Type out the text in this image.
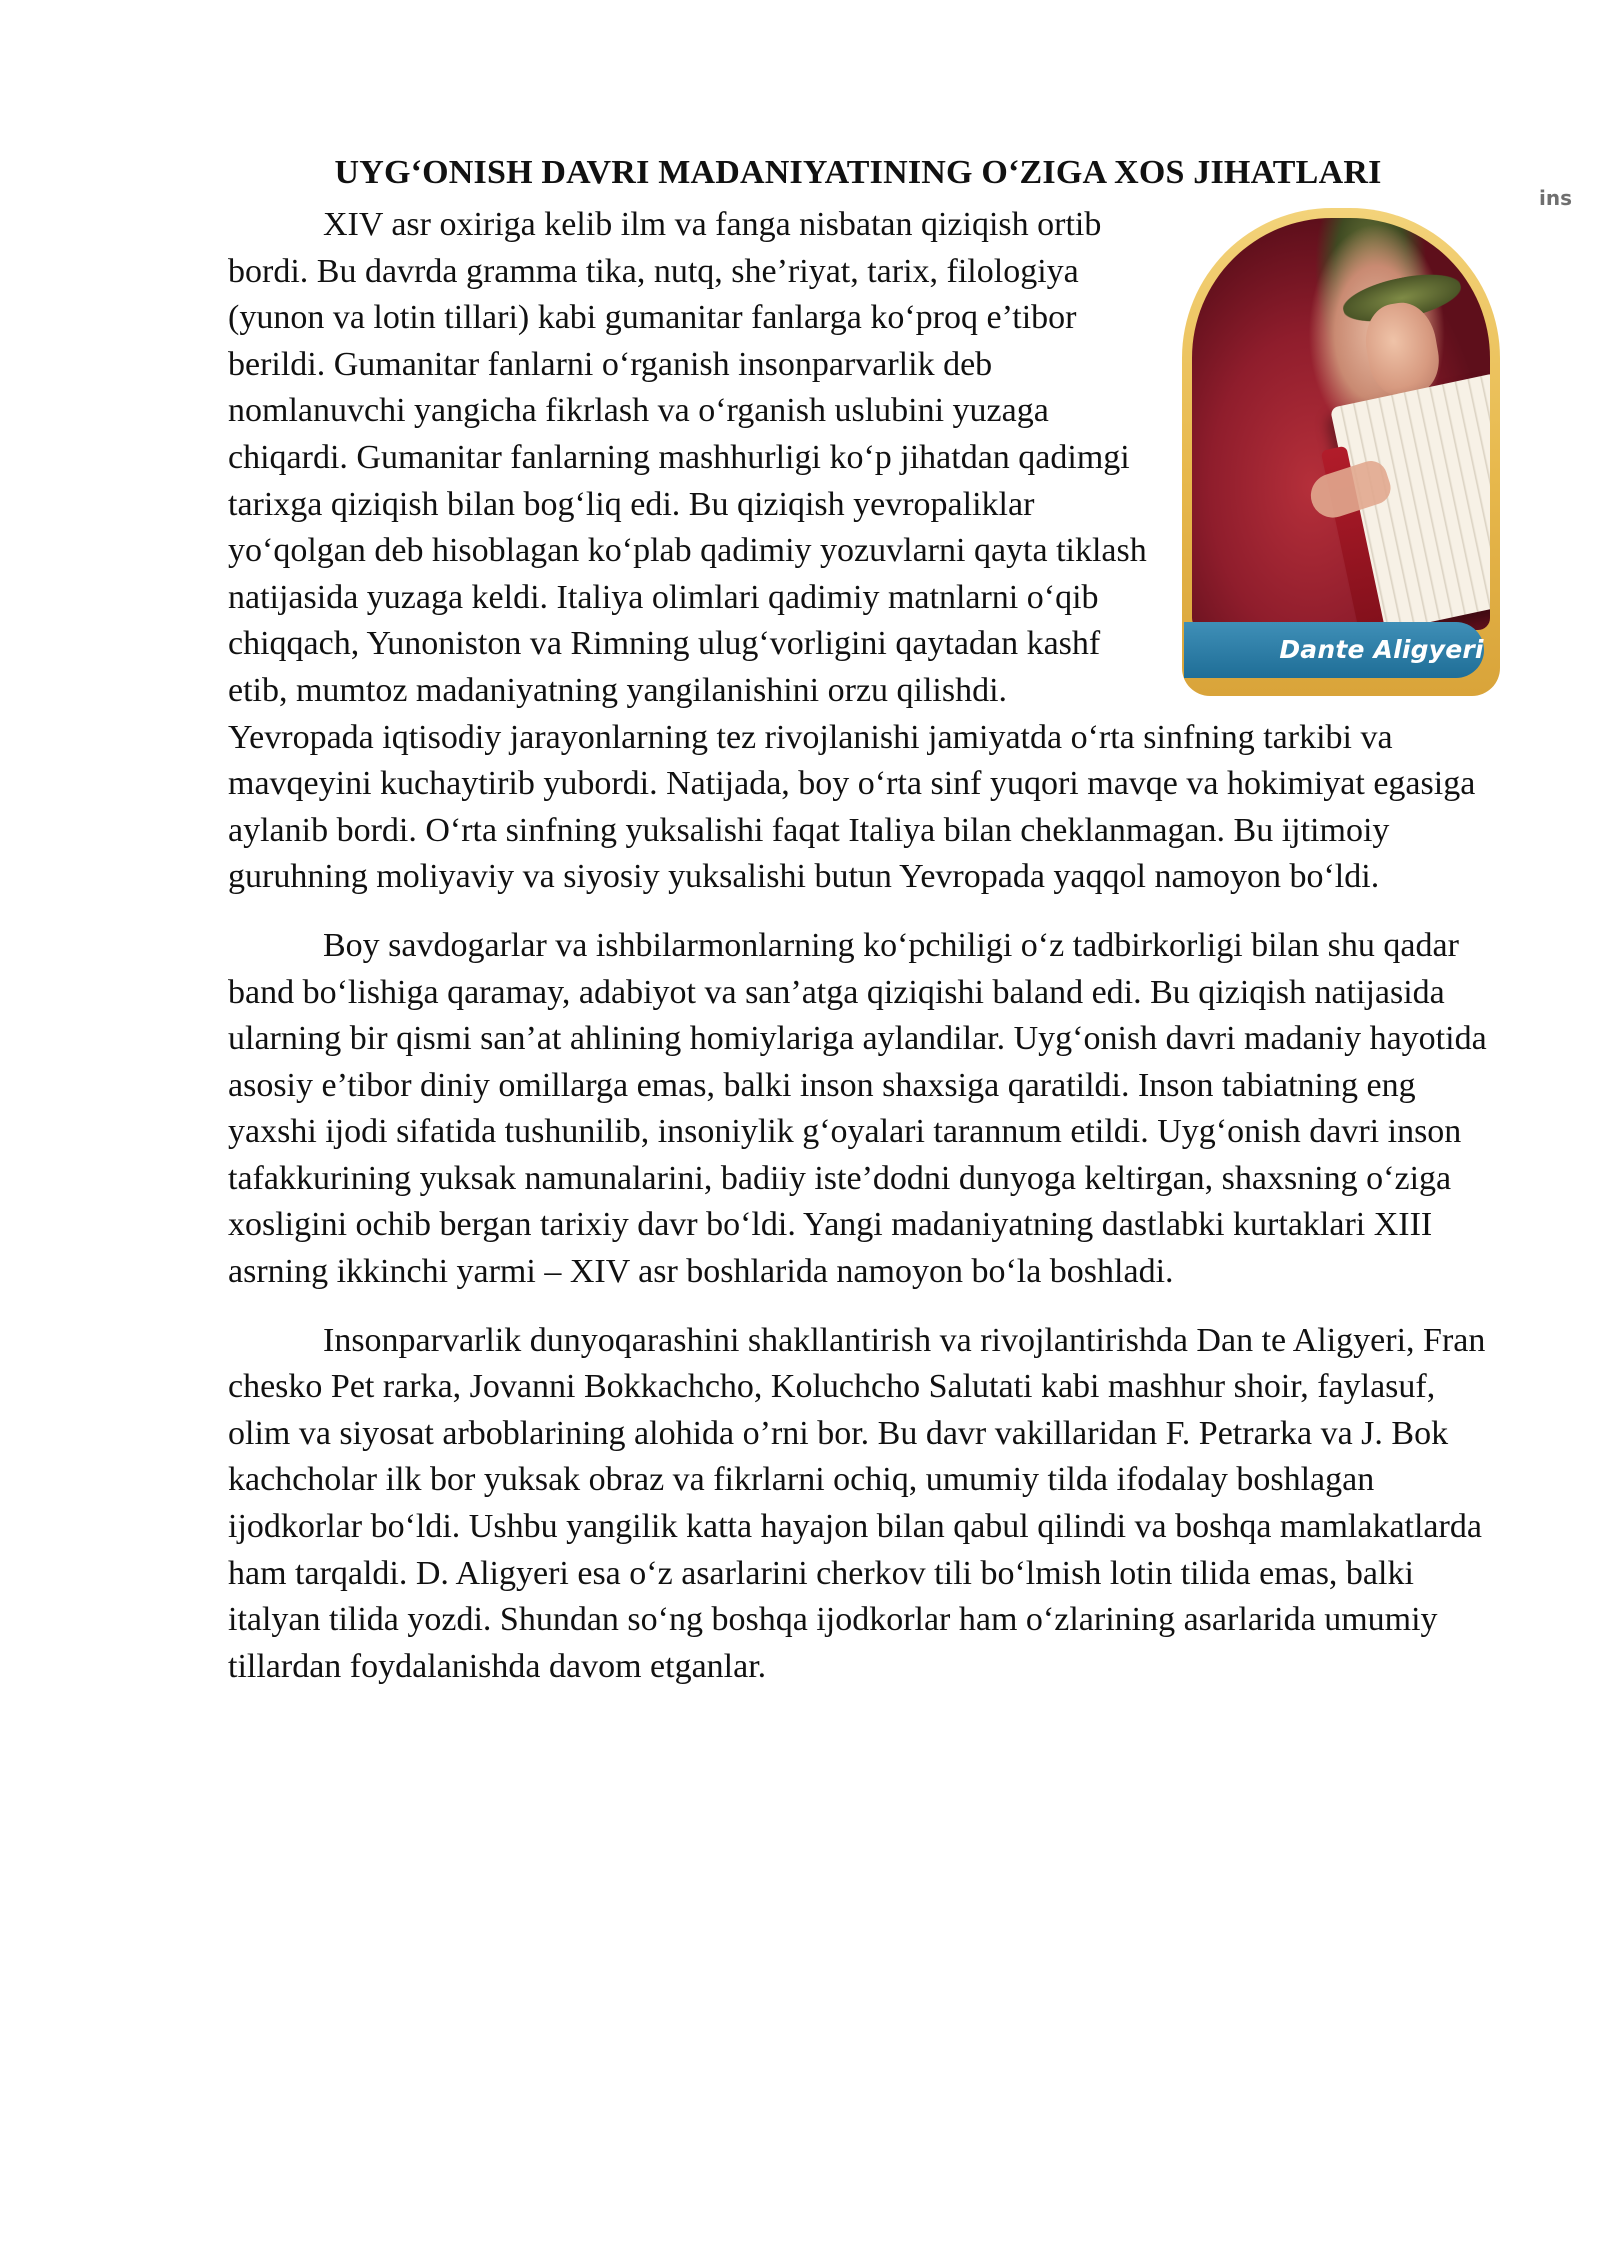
UYG‘ONISH DAVRI MADANIYATINING O‘ZIGA XOS JIHATLARI

ins
Dante Aligyeri
XIV asr oxiriga kelib ilm va fanga nisbatan qiziqish ortib bordi. Bu davrda gramma tika, nutq, she’riyat, tarix, filologiya (yunon va lotin tillari) kabi gumanitar fanlarga ko‘proq e’tibor berildi. Gumanitar fanlarni o‘rganish insonparvarlik deb nomlanuvchi yangicha fikrlash va o‘rganish uslubini yuzaga chiqardi. Gumanitar fanlarning mashhurligi ko‘p jihatdan qadimgi tarixga qiziqish bilan bog‘liq edi. Bu qiziqish yevropaliklar yo‘qolgan deb hisoblagan ko‘plab qadimiy yozuvlarni qayta tiklash natijasida yuzaga keldi. Italiya olimlari qadimiy matnlarni o‘qib chiqqach, Yunoniston va Rimning ulug‘vorligini qaytadan kashf etib, mumtoz madaniyatning yangilanishini orzu qilishdi. Yevropada iqtisodiy jarayonlarning tez rivojlanishi jamiyatda o‘rta sinfning tarkibi va mavqeyini kuchaytirib yubordi. Natijada, boy o‘rta sinf yuqori mavqe va hokimiyat egasiga aylanib bordi. O‘rta sinfning yuksalishi faqat Italiya bilan cheklanmagan. Bu ijtimoiy guruhning moliyaviy va siyosiy yuksalishi butun Yevropada yaqqol namoyon bo‘ldi.

Boy savdogarlar va ishbilarmonlarning ko‘pchiligi o‘z tadbirkorligi bilan shu qadar band bo‘lishiga qaramay, adabiyot va san’atga qiziqishi baland edi. Bu qiziqish natijasida ularning bir qismi san’at ahlining homiylariga aylandilar. Uyg‘onish davri madaniy hayotida asosiy e’tibor diniy omillarga emas, balki inson shaxsiga qaratildi. Inson tabiatning eng yaxshi ijodi sifatida tushunilib, insoniylik g‘oyalari tarannum etildi. Uyg‘onish davri inson tafakkurining yuksak namunalarini, badiiy iste’dodni dunyoga keltirgan, shaxsning o‘ziga xosligini ochib bergan tarixiy davr bo‘ldi. Yangi madaniyatning dastlabki kurtaklari XIII asrning ikkinchi yarmi – XIV asr boshlarida namoyon bo‘la boshladi.

Insonparvarlik dunyoqarashini shakllantirish va rivojlantirishda Dan te Aligyeri, Fran chesko Pet rarka, Jovanni Bokkachcho, Koluchcho Salutati kabi mashhur shoir, faylasuf, olim va siyosat arboblarining alohida o’rni bor. Bu davr vakillaridan F. Petrarka va J. Bok kachcholar ilk bor yuksak obraz va fikrlarni ochiq, umumiy tilda ifodalay boshlagan ijodkorlar bo‘ldi. Ushbu yangilik katta hayajon bilan qabul qilindi va boshqa mamlakatlarda ham tarqaldi. D. Aligyeri esa o‘z asarlarini cherkov tili bo‘lmish lotin tilida emas, balki italyan tilida yozdi. Shundan so‘ng boshqa ijodkorlar ham o‘zlarining asarlarida umumiy tillardan foydalanishda davom etganlar.
